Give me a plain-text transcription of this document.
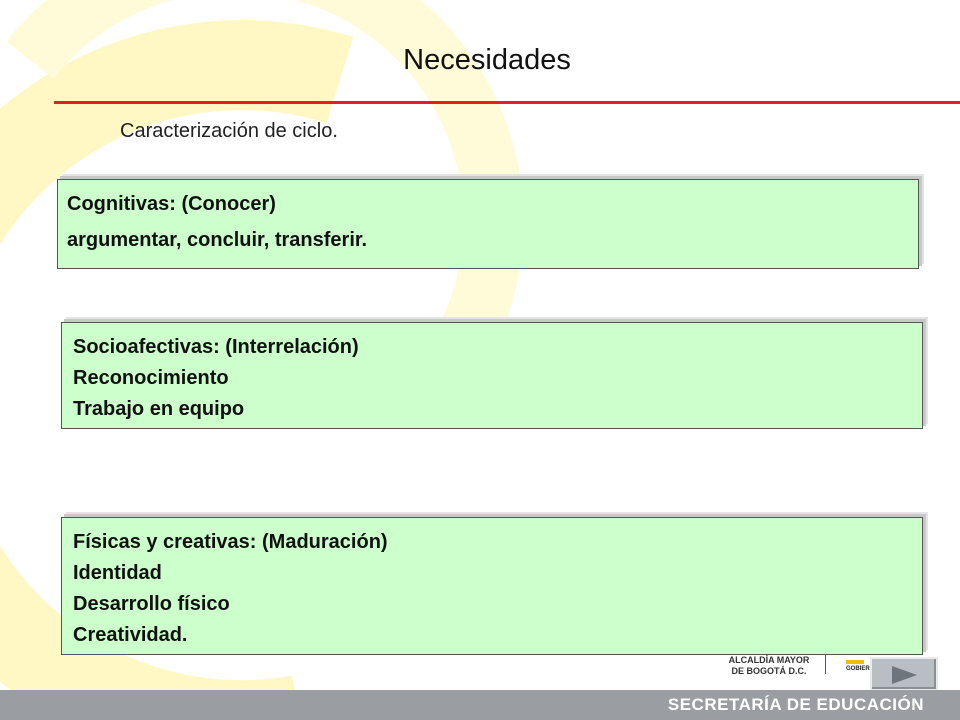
Necesidades
Caracterización de ciclo.
Cognitivas: (Conocer)
argumentar, concluir, transferir.
Socioafectivas: (Interrelación)
Reconocimiento
Trabajo en equipo
Físicas y creativas: (Maduración)
Identidad
Desarrollo físico
Creatividad.
ALCALDÍA MAYOR
DE BOGOTÁ D.C.	GOBIER
SECRETARÍA DE EDUCACIÓN
